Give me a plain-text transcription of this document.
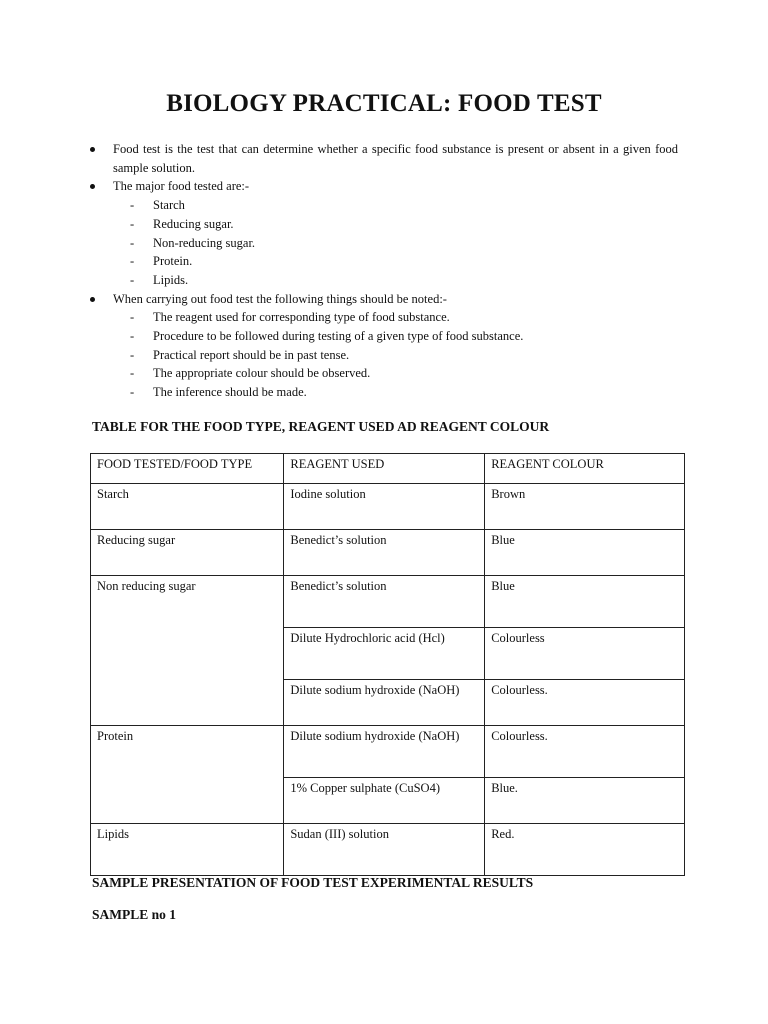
BIOLOGY PRACTICAL: FOOD TEST
Food test is the test that can determine whether a specific food substance is present or absent in a given food sample solution.
The major food tested are:-
- Starch
- Reducing sugar.
- Non-reducing sugar.
- Protein.
- Lipids.
When carrying out food test the following things should be noted:-
- The reagent used for corresponding type of food substance.
- Procedure to be followed during testing of a given type of food substance.
- Practical report should be in past tense.
- The appropriate colour should be observed.
- The inference should be made.
TABLE FOR THE FOOD TYPE, REAGENT USED AD REAGENT COLOUR
FOOD TESTED/FOOD TYPE	REAGENT USED	REAGENT COLOUR
Starch	Iodine solution	Brown
Reducing sugar	Benedict’s solution	Blue
Non reducing sugar	Benedict’s solution	Blue
	Dilute Hydrochloric acid (Hcl)	Colourless
	Dilute sodium hydroxide (NaOH)	Colourless.
Protein	Dilute sodium hydroxide (NaOH)	Colourless.
	1% Copper sulphate (CuSO4)	Blue.
Lipids	Sudan (III) solution	Red.
SAMPLE PRESENTATION OF FOOD TEST EXPERIMENTAL RESULTS
SAMPLE no 1
